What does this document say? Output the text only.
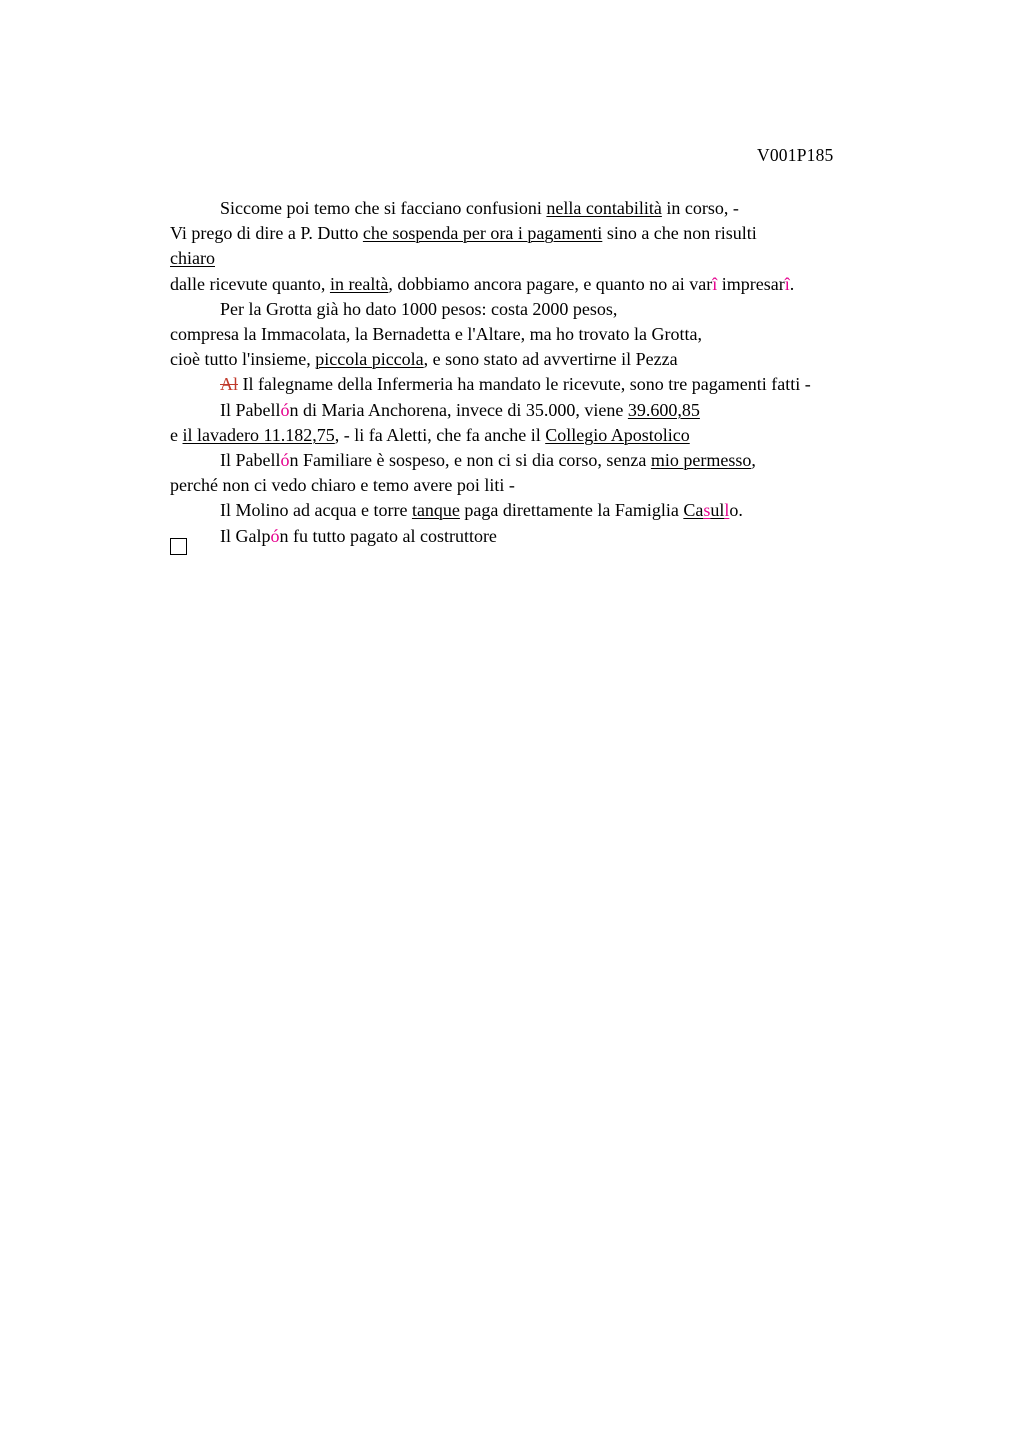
V001P185

Siccome poi temo che si facciano confusioni nella contabilità in corso, -

Vi prego di dire a P. Dutto che sospenda per ora i pagamenti sino a che non risulti

chiaro

dalle ricevute quanto, in realtà, dobbiamo ancora pagare, e quanto no ai varî impresarî.

Per la Grotta già ho dato 1000 pesos: costa 2000 pesos,

compresa la Immacolata, la Bernadetta e l'Altare, ma ho trovato la Grotta,

cioè tutto l'insieme, piccola piccola, e sono stato ad avvertirne il Pezza

Al Il falegname della Infermeria ha mandato le ricevute, sono tre pagamenti fatti -

Il Pabellón di Maria Anchorena, invece di 35.000, viene 39.600,85

e il lavadero 11.182,75, - li fa Aletti, che fa anche il Collegio Apostolico

Il Pabellón Familiare è sospeso, e non ci si dia corso, senza mio permesso,

perché non ci vedo chiaro e temo avere poi liti -

Il Molino ad acqua e torre tanque paga direttamente la Famiglia Casullo.

Il Galpón fu tutto pagato al costruttore
